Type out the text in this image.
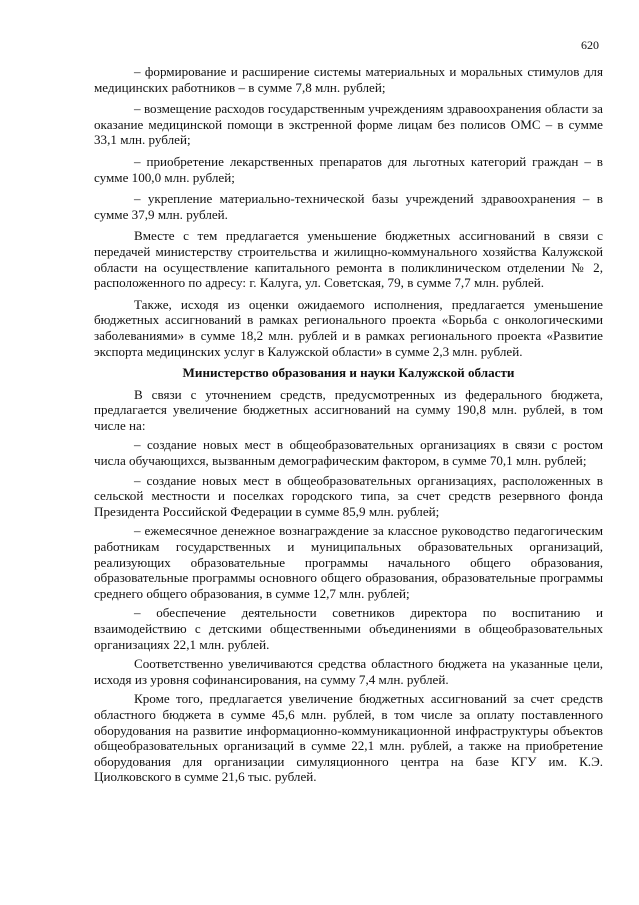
620

– формирование и расширение системы материальных и моральных стимулов для медицинских работников – в сумме 7,8 млн. рублей;

– возмещение расходов государственным учреждениям здравоохранения области за оказание медицинской помощи в экстренной форме лицам без полисов ОМС – в сумме 33,1 млн. рублей;

– приобретение лекарственных препаратов для льготных категорий граждан – в сумме 100,0 млн. рублей;

– укрепление материально-технической базы учреждений здравоохранения – в сумме 37,9 млн. рублей.

Вместе с тем предлагается уменьшение бюджетных ассигнований в связи с передачей министерству строительства и жилищно-коммунального хозяйства Калужской области на осуществление капитального ремонта в поликлиническом отделении № 2, расположенного по адресу: г. Калуга, ул. Советская, 79, в сумме 7,7 млн. рублей.

Также, исходя из оценки ожидаемого исполнения, предлагается уменьшение бюджетных ассигнований в рамках регионального проекта «Борьба с онкологическими заболеваниями» в сумме 18,2 млн. рублей и в рамках регионального проекта «Развитие экспорта медицинских услуг в Калужской области» в сумме 2,3 млн. рублей.

Министерство образования и науки Калужской области

В связи с уточнением средств, предусмотренных из федерального бюджета, предлагается увеличение бюджетных ассигнований на сумму 190,8 млн. рублей, в том числе на:

– создание новых мест в общеобразовательных организациях в связи с ростом числа обучающихся, вызванным демографическим фактором, в сумме 70,1 млн. рублей;

– создание новых мест в общеобразовательных организациях, расположенных в сельской местности и поселках городского типа, за счет средств резервного фонда Президента Российской Федерации в сумме 85,9 млн. рублей;

– ежемесячное денежное вознаграждение за классное руководство педагогическим работникам государственных и муниципальных образовательных организаций, реализующих образовательные программы начального общего образования, образовательные программы основного общего образования, образовательные программы среднего общего образования, в сумме 12,7 млн. рублей;

– обеспечение деятельности советников директора по воспитанию и взаимодействию с детскими общественными объединениями в общеобразовательных организациях 22,1 млн. рублей.

Соответственно увеличиваются средства областного бюджета на указанные цели, исходя из уровня софинансирования, на сумму 7,4 млн. рублей.

Кроме того, предлагается увеличение бюджетных ассигнований за счет средств областного бюджета в сумме 45,6 млн. рублей, в том числе за оплату поставленного оборудования на развитие информационно-коммуникационной инфраструктуры объектов общеобразовательных организаций в сумме 22,1 млн. рублей, а также на приобретение оборудования для организации симуляционного центра на базе КГУ им. К.Э. Циолковского в сумме 21,6 тыс. рублей.
